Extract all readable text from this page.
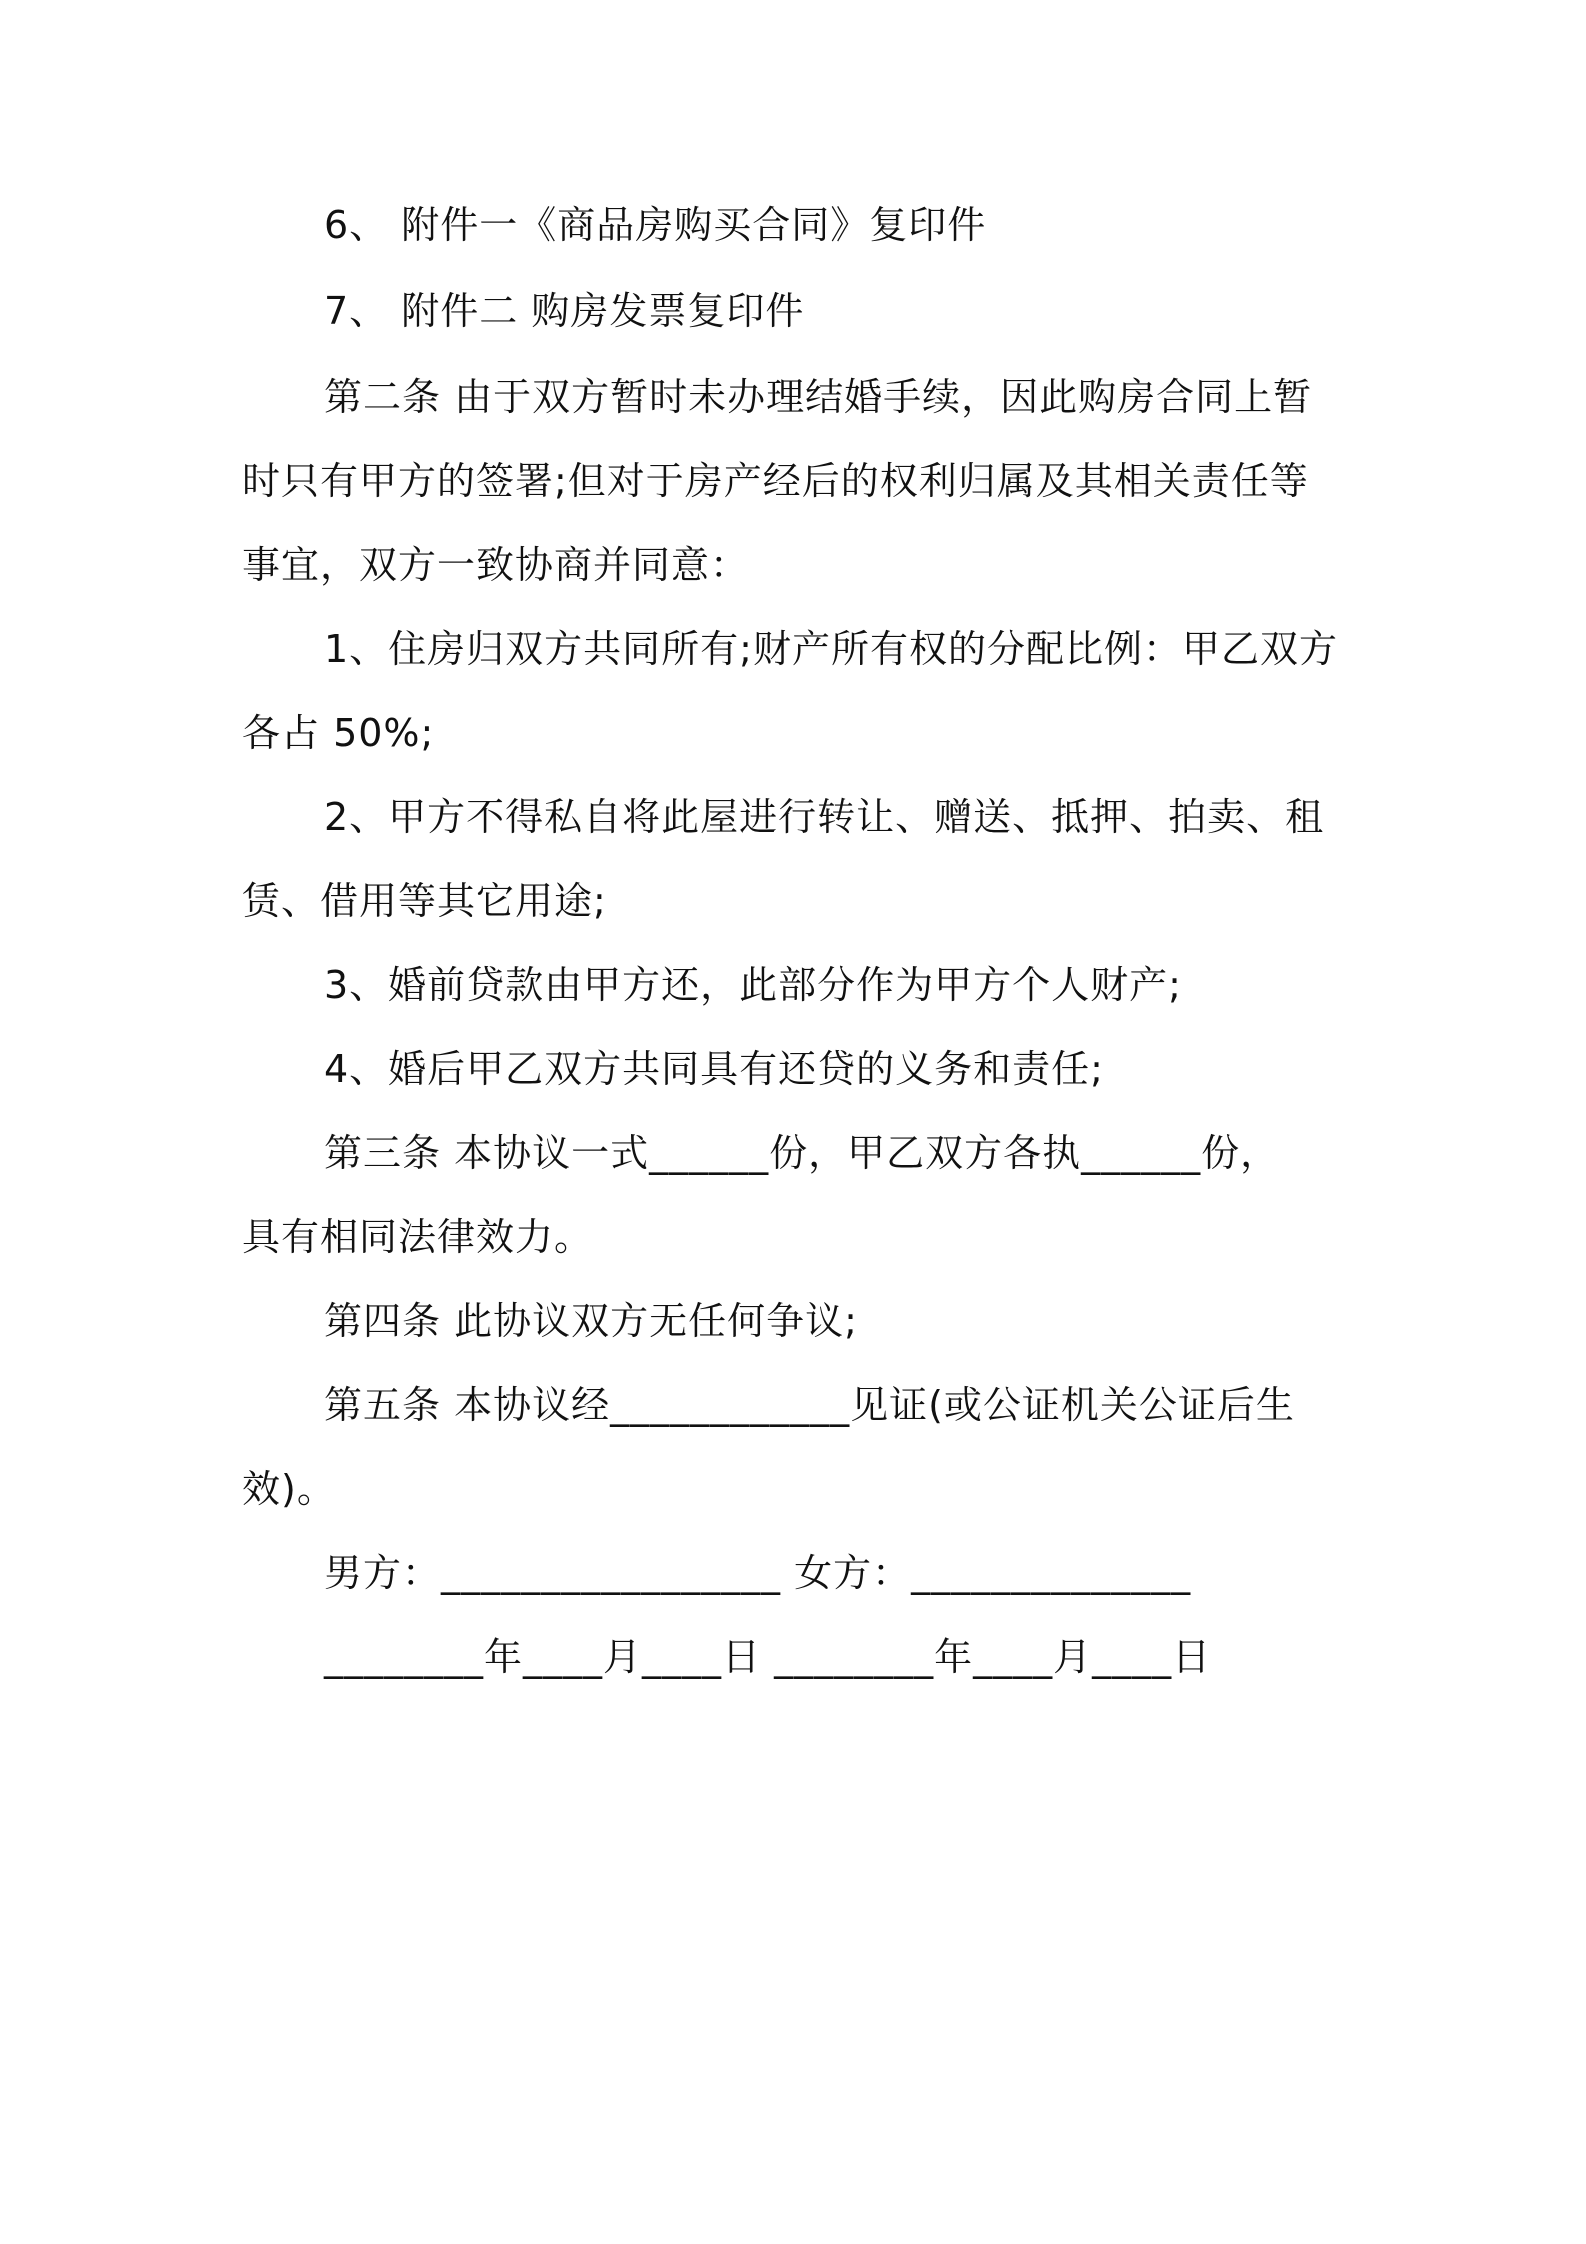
6、 附件一《商品房购买合同》复印件
7、 附件二 购房发票复印件
第二条 由于双方暂时未办理结婚手续，因此购房合同上暂
时只有甲方的签署;但对于房产经后的权利归属及其相关责任等
事宜，双方一致协商并同意：
1、住房归双方共同所有;财产所有权的分配比例：甲乙双方
各占 50%;
2、甲方不得私自将此屋进行转让、赠送、抵押、拍卖、租
赁、借用等其它用途;
3、婚前贷款由甲方还，此部分作为甲方个人财产;
4、婚后甲乙双方共同具有还贷的义务和责任;
第三条 本协议一式______份，甲乙双方各执______份，
具有相同法律效力。
第四条 此协议双方无任何争议;
第五条 本协议经____________见证(或公证机关公证后生
效)。
男方：_________________ 女方：______________
________年____月____日 ________年____月____日
